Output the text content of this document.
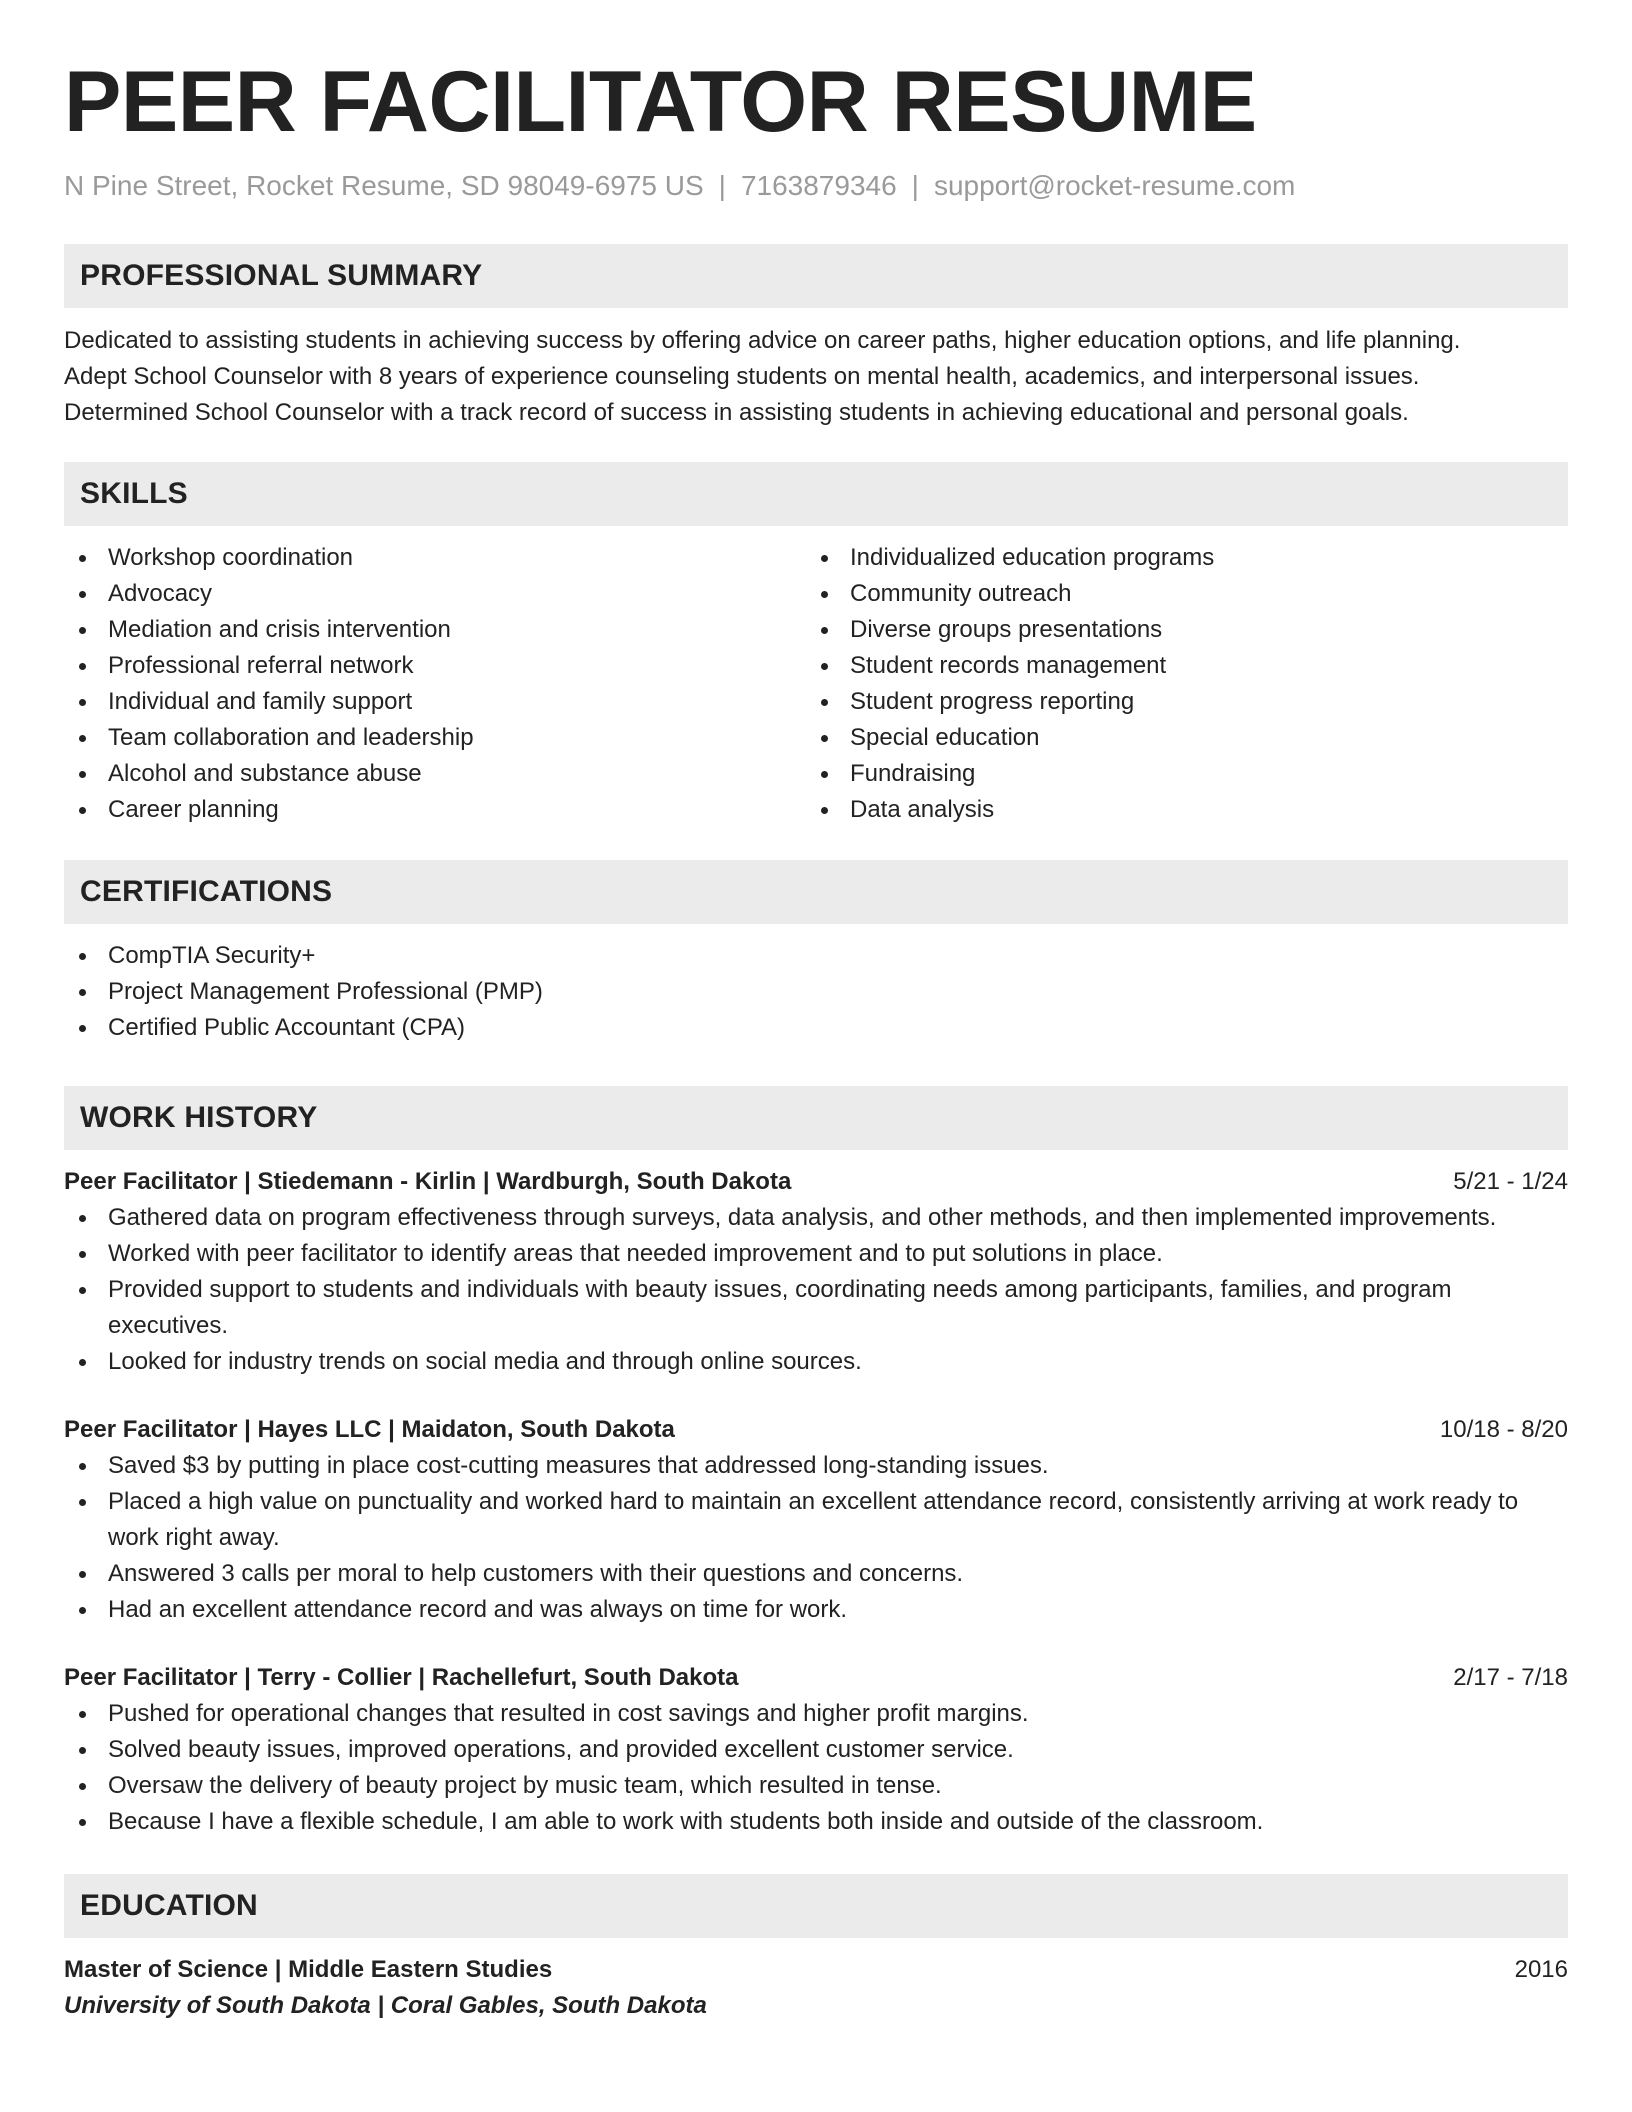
PEER FACILITATOR RESUME
N Pine Street, Rocket Resume, SD 98049-6975 US | 7163879346 | support@rocket-resume.com
PROFESSIONAL SUMMARY
Dedicated to assisting students in achieving success by offering advice on career paths, higher education options, and life planning.
Adept School Counselor with 8 years of experience counseling students on mental health, academics, and interpersonal issues.
Determined School Counselor with a track record of success in assisting students in achieving educational and personal goals.
SKILLS
Workshop coordination
Advocacy
Mediation and crisis intervention
Professional referral network
Individual and family support
Team collaboration and leadership
Alcohol and substance abuse
Career planning
Individualized education programs
Community outreach
Diverse groups presentations
Student records management
Student progress reporting
Special education
Fundraising
Data analysis
CERTIFICATIONS
CompTIA Security+
Project Management Professional (PMP)
Certified Public Accountant (CPA)
WORK HISTORY
Peer Facilitator | Stiedemann - Kirlin | Wardburgh, South Dakota	5/21 - 1/24
Gathered data on program effectiveness through surveys, data analysis, and other methods, and then implemented improvements.
Worked with peer facilitator to identify areas that needed improvement and to put solutions in place.
Provided support to students and individuals with beauty issues, coordinating needs among participants, families, and program executives.
Looked for industry trends on social media and through online sources.
Peer Facilitator | Hayes LLC | Maidaton, South Dakota	10/18 - 8/20
Saved $3 by putting in place cost-cutting measures that addressed long-standing issues.
Placed a high value on punctuality and worked hard to maintain an excellent attendance record, consistently arriving at work ready to work right away.
Answered 3 calls per moral to help customers with their questions and concerns.
Had an excellent attendance record and was always on time for work.
Peer Facilitator | Terry - Collier | Rachellefurt, South Dakota	2/17 - 7/18
Pushed for operational changes that resulted in cost savings and higher profit margins.
Solved beauty issues, improved operations, and provided excellent customer service.
Oversaw the delivery of beauty project by music team, which resulted in tense.
Because I have a flexible schedule, I am able to work with students both inside and outside of the classroom.
EDUCATION
Master of Science | Middle Eastern Studies	2016
University of South Dakota | Coral Gables, South Dakota
